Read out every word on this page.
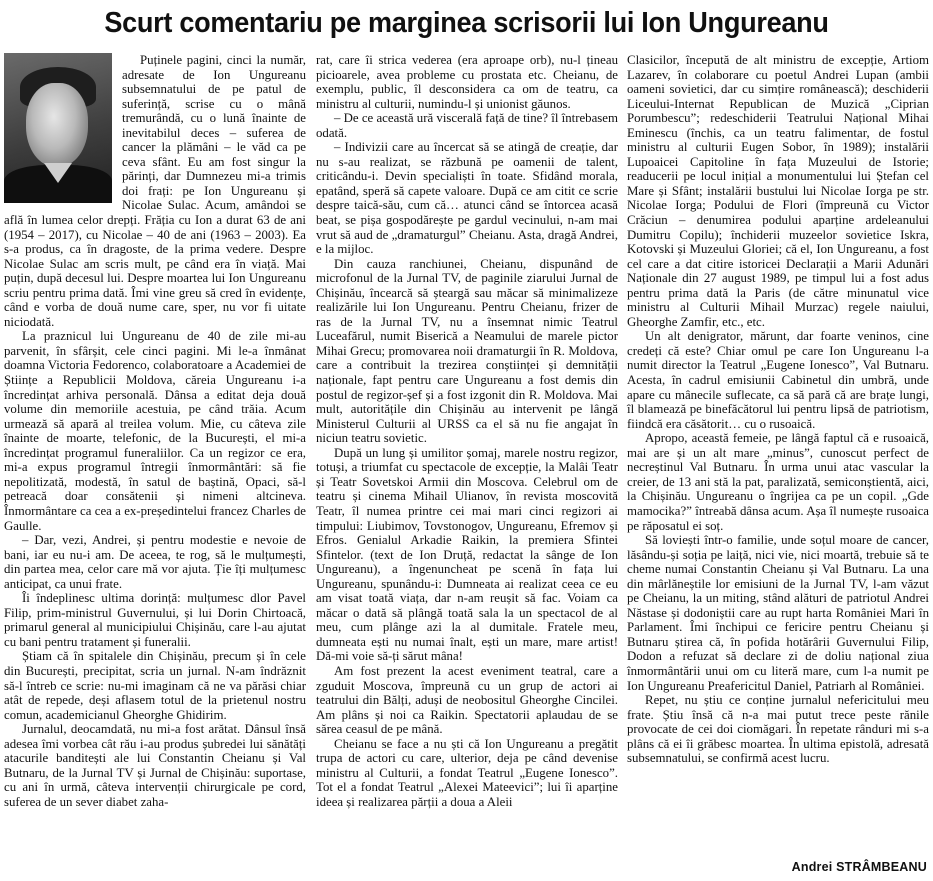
Scurt comentariu pe marginea scrisorii lui Ion Ungureanu

Puținele pagini, cinci la număr, adresate de Ion Ungureanu subsemnatului de pe patul de suferință, scrise cu o mână tremurândă, cu o lună înainte de inevitabilul deces – suferea de cancer la plămâni – le văd ca pe ceva sfânt. Eu am fost singur la părinți, dar Dumnezeu mi-a trimis doi frați: pe Ion Ungureanu și Nicolae Sulac. Acum, amândoi se află în lumea celor drepți. Frăția cu Ion a durat 63 de ani (1954 – 2017), cu Nicolae – 40 de ani (1963 – 2003). Ea s-a produs, ca în dragoste, de la prima vedere. Despre Nicolae Sulac am scris mult, pe când era în viață. Mai puțin, după decesul lui. Despre moartea lui Ion Ungureanu scriu pentru prima dată. Îmi vine greu să cred în evidențe, când e vorba de două nume care, sper, nu vor fi uitate niciodată.

La praznicul lui Ungureanu de 40 de zile mi-au parvenit, în sfârșit, cele cinci pagini. Mi le-a înmânat doamna Victoria Fedorenco, colaboratoare a Academiei de Științe a Republicii Moldova, căreia Ungureanu i-a încredințat arhiva personală. Dânsa a editat deja două volume din memoriile acestuia, pe când trăia. Acum urmează să apară al treilea volum. Mie, cu câteva zile înainte de moarte, telefonic, de la București, el mi-a încredințat programul funeraliilor. Ca un regizor ce era, mi-a expus programul întregii înmormântări: să fie nepolitizată, modestă, în satul de baștină, Opaci, să-l petreacă doar consătenii și nimeni altcineva. Înmormântare ca cea a ex-președintelui francez Charles de Gaulle.

– Dar, vezi, Andrei, și pentru modestie e nevoie de bani, iar eu nu-i am. De aceea, te rog, să le mulțumești, din partea mea, celor care mă vor ajuta. Ție îți mulțumesc anticipat, ca unui frate.

Îi îndeplinesc ultima dorință: mulțumesc dlor Pavel Filip, prim-ministrul Guvernului, și lui Dorin Chirtoacă, primarul general al municipiului Chișinău, care l-au ajutat cu bani pentru tratament și funeralii.

Știam că în spitalele din Chișinău, precum și în cele din București, precipitat, scria un jurnal. N-am îndrăznit să-l întreb ce scrie: nu-mi imaginam că ne va părăsi chiar atât de repede, deși aflasem totul de la prietenul nostru comun, academicianul Gheorghe Ghidirim.

Jurnalul, deocamdată, nu mi-a fost arătat. Dânsul însă adesea îmi vorbea cât rău i-au produs șubredei lui sănătăți atacurile banditești ale lui Constantin Cheianu și Val Butnaru, de la Jurnal TV și Jurnal de Chișinău: suportase, cu ani în urmă, câteva intervenții chirurgicale pe cord, suferea de un sever diabet zaha-

rat, care îi strica vederea (era aproape orb), nu-l țineau picioarele, avea probleme cu prostata etc. Cheianu, de exemplu, public, îl desconsidera ca om de teatru, ca ministru al culturii, numindu-l și unionist găunos.

– De ce această ură viscerală față de tine? îl întrebasem odată.

– Indivizii care au încercat să se atingă de creație, dar nu s-au realizat, se răzbună pe oamenii de talent, criticându-i. Devin specialiști în toate. Sfidând morala, epatând, speră să capete valoare. După ce am citit ce scrie despre taică-său, cum că… atunci când se întorcea acasă beat, se pișa gospodărește pe gardul vecinului, n-am mai vrut să aud de „dramaturgul” Cheianu. Asta, dragă Andrei, e la mijloc.

Din cauza ranchiunei, Cheianu, dispunând de microfonul de la Jurnal TV, de paginile ziarului Jurnal de Chișinău, încearcă să șteargă sau măcar să minimalizeze realizările lui Ion Ungureanu. Pentru Cheianu, frizer de ras de la Jurnal TV, nu a însemnat nimic Teatrul Luceafărul, numit Biserică a Neamului de marele pictor Mihai Grecu; promovarea noii dramaturgii în R. Moldova, care a contribuit la trezirea conștiinței și demnității naționale, fapt pentru care Ungureanu a fost demis din postul de regizor-șef și a fost izgonit din R. Moldova. Mai mult, autoritățile din Chișinău au intervenit pe lângă Ministerul Culturii al URSS ca el să nu fie angajat în niciun teatru sovietic.

După un lung și umilitor șomaj, marele nostru regizor, totuși, a triumfat cu spectacole de excepție, la Malâi Teatr și Teatr Sovetskoi Armii din Moscova. Celebrul om de teatru și cinema Mihail Ulianov, în revista moscovită Teatr, îl numea printre cei mai mari cinci regizori ai timpului: Liubimov, Tovstonogov, Ungureanu, Efremov și Efros. Genialul Arkadie Raikin, la premiera Sfintei Sfintelor. (text de Ion Druță, redactat la sânge de Ion Ungureanu), a îngenuncheat pe scenă în fața lui Ungureanu, spunându-i: Dumneata ai realizat ceea ce eu am visat toată viața, dar n-am reușit să fac. Voiam ca măcar o dată să plângă toată sala la un spectacol de al meu, cum plânge azi la al dumitale. Fratele meu, dumneata ești nu numai înalt, ești un mare, mare artist! Dă-mi voie să-ți sărut mâna!

Am fost prezent la acest eveniment teatral, care a zguduit Moscova, împreună cu un grup de actori ai teatrului din Bălți, aduși de neobositul Gheorghe Cincilei. Am plâns și noi ca Raikin. Spectatorii aplaudau de se sărea ceasul de pe mână.

Cheianu se face a nu ști că Ion Ungureanu a pregătit trupa de actori cu care, ulterior, deja pe când devenise ministru al Culturii, a fondat Teatrul „Eugene Ionesco”. Tot el a fondat Teatrul „Alexei Mateevici”; lui îi aparține ideea și realizarea părții a doua a Aleii

Clasicilor, începută de alt ministru de excepție, Artiom Lazarev, în colaborare cu poetul Andrei Lupan (ambii oameni sovietici, dar cu simțire românească); deschiderii Liceului-Internat Republican de Muzică „Ciprian Porumbescu”; redeschiderii Teatrului Național Mihai Eminescu (închis, ca un teatru falimentar, de fostul ministru al culturii Eugen Sobor, în 1989); instalării Lupoaicei Capitoline în fața Muzeului de Istorie; readucerii pe locul inițial a monumentului lui Ștefan cel Mare și Sfânt; instalării bustului lui Nicolae Iorga pe str. Nicolae Iorga; Podului de Flori (împreună cu Victor Crăciun – denumirea podului aparține ardeleanului Dumitru Copilu); închiderii muzeelor sovietice Iskra, Kotovski și Muzeului Gloriei; că el, Ion Ungureanu, a fost cel care a dat citire istoricei Declarații a Marii Adunări Naționale din 27 august 1989, pe timpul lui a fost adus pentru prima dată la Paris (de către minunatul vice ministru al Culturii Mihail Murzac) regele naiului, Gheorghe Zamfir, etc., etc.

Un alt denigrator, mărunt, dar foarte veninos, cine credeți că este? Chiar omul pe care Ion Ungureanu l-a numit director la Teatrul „Eugene Ionesco”, Val Butnaru. Acesta, în cadrul emisiunii Cabinetul din umbră, unde apare cu mânecile suflecate, ca să pară că are brațe lungi, îl blamează pe binefăcătorul lui pentru lipsă de patriotism, fiindcă era căsătorit… cu o rusoaică.

Apropo, această femeie, pe lângă faptul că e rusoaică, mai are și un alt mare „minus”, cunoscut perfect de necreștinul Val Butnaru. În urma unui atac vascular la creier, de 13 ani stă la pat, paralizată, semiconștientă, aici, la Chișinău. Ungureanu o îngrijea ca pe un copil. „Gde mamocika?” întreabă dânsa acum. Așa îl numește rusoaica pe răposatul ei soț.

Să loviești într-o familie, unde soțul moare de cancer, lăsându-și soția pe laiță, nici vie, nici moartă, trebuie să te cheme numai Constantin Cheianu și Val Butnaru. La una din mârlăneștile lor emisiuni de la Jurnal TV, l-am văzut pe Cheianu, la un miting, stând alături de patriotul Andrei Năstase și dodoniștii care au rupt harta României Mari în Parlament. Îmi închipui ce fericire pentru Cheianu și Butnaru știrea că, în pofida hotărârii Guvernului Filip, Dodon a refuzat să declare zi de doliu național ziua înmormântării unui om cu literă mare, cum l-a numit pe Ion Ungureanu Preafericitul Daniel, Patriarh al României.

Repet, nu știu ce conține jurnalul nefericitului meu frate. Știu însă că n-a mai putut trece peste rănile provocate de cei doi ciomăgari. În repetate rânduri mi s-a plâns că ei îi grăbesc moartea. În ultima epistolă, adresată subsemnatului, se confirmă acest lucru.

Andrei STRÂMBEANU
